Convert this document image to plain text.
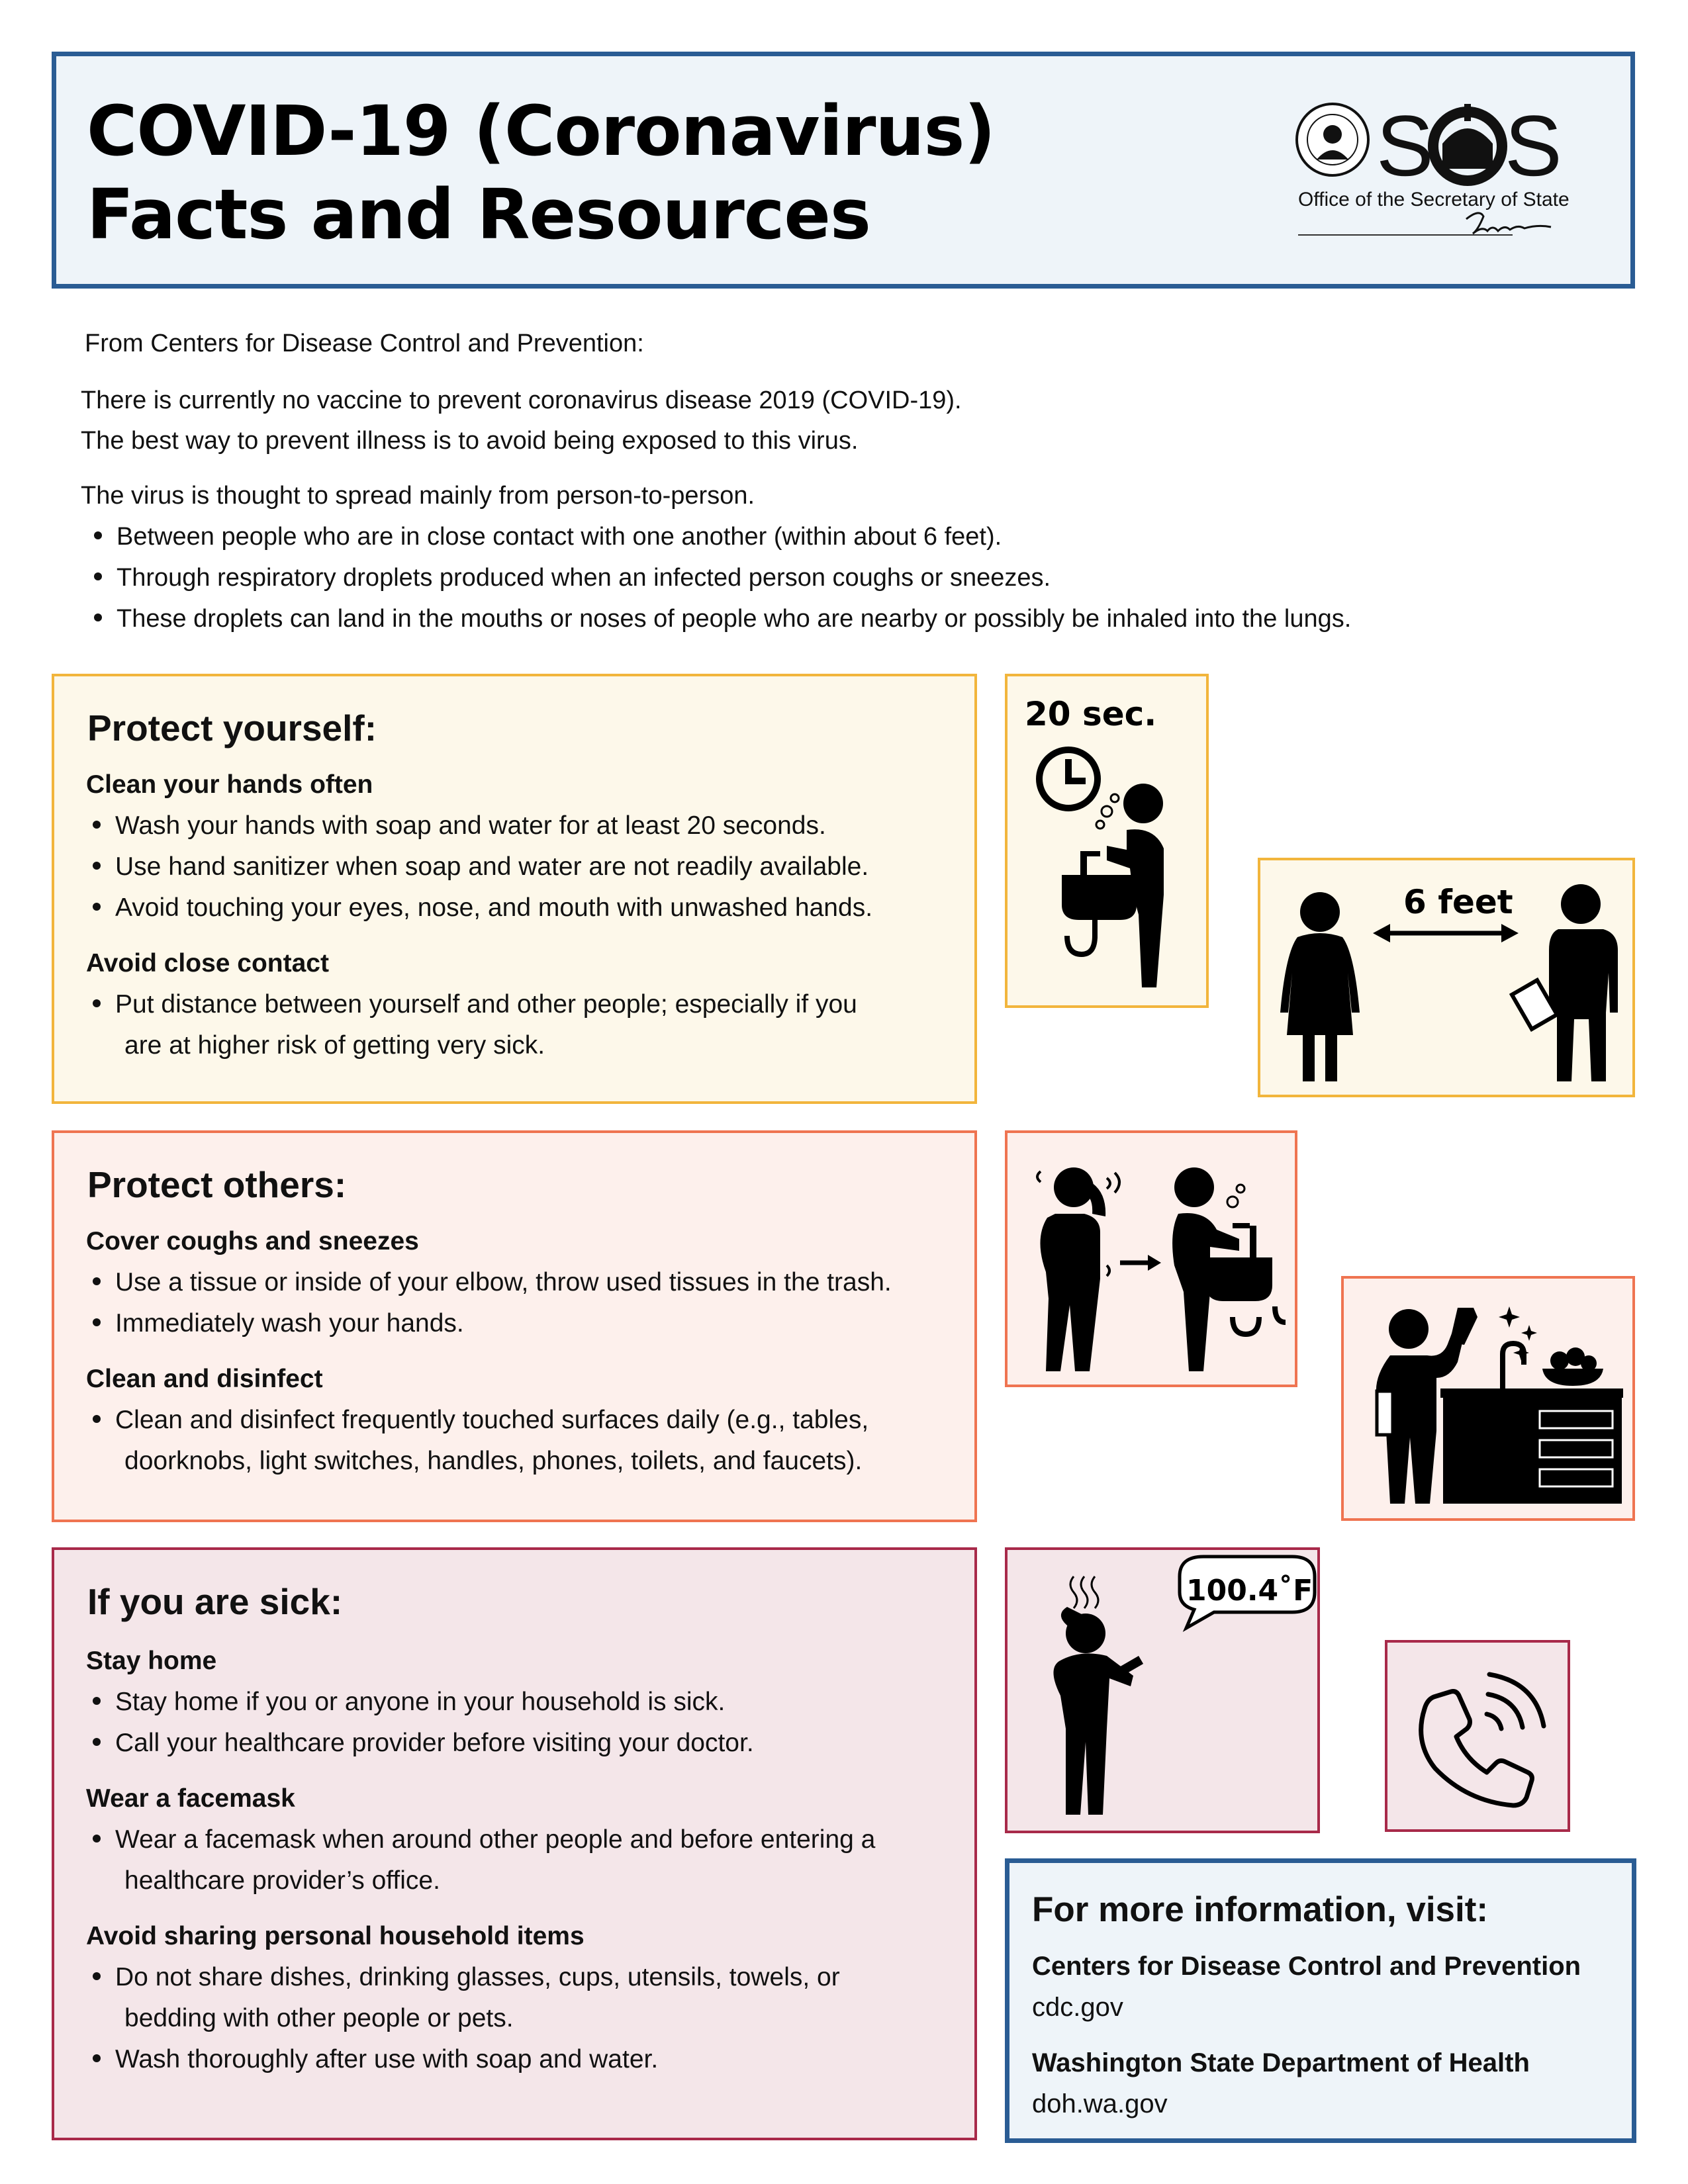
COVID-19 (Coronavirus)
Facts and Resources
S S
Office of the Secretary of State
From Centers for Disease Control and Prevention:
There is currently no vaccine to prevent coronavirus disease 2019 (COVID-19).
The best way to prevent illness is to avoid being exposed to this virus.
The virus is thought to spread mainly from person-to-person.
Between people who are in close contact with one another (within about 6 feet).
Through respiratory droplets produced when an infected person coughs or sneezes.
These droplets can land in the mouths or noses of people who are nearby or possibly be inhaled into the lungs.
Protect yourself:
Clean your hands often
Wash your hands with soap and water for at least 20 seconds.
Use hand sanitizer when soap and water are not readily available.
Avoid touching your eyes, nose, and mouth with unwashed hands.
Avoid close contact
Put distance between yourself and other people; especially if you
are at higher risk of getting very sick.
Protect others:
Cover coughs and sneezes
Use a tissue or inside of your elbow, throw used tissues in the trash.
Immediately wash your hands.
Clean and disinfect
Clean and disinfect frequently touched surfaces daily (e.g., tables,
doorknobs, light switches, handles, phones, toilets, and faucets).
If you are sick:
Stay home
Stay home if you or anyone in your household is sick.
Call your healthcare provider before visiting your doctor.
Wear a facemask
Wear a facemask when around other people and before entering a
healthcare provider’s office.
Avoid sharing personal household items
Do not share dishes, drinking glasses, cups, utensils, towels, or
bedding with other people or pets.
Wash thoroughly after use with soap and water.
20 sec.
6 feet
100.4˚F
For more information, visit:
Centers for Disease Control and Prevention
cdc.gov
Washington State Department of Health
doh.wa.gov
